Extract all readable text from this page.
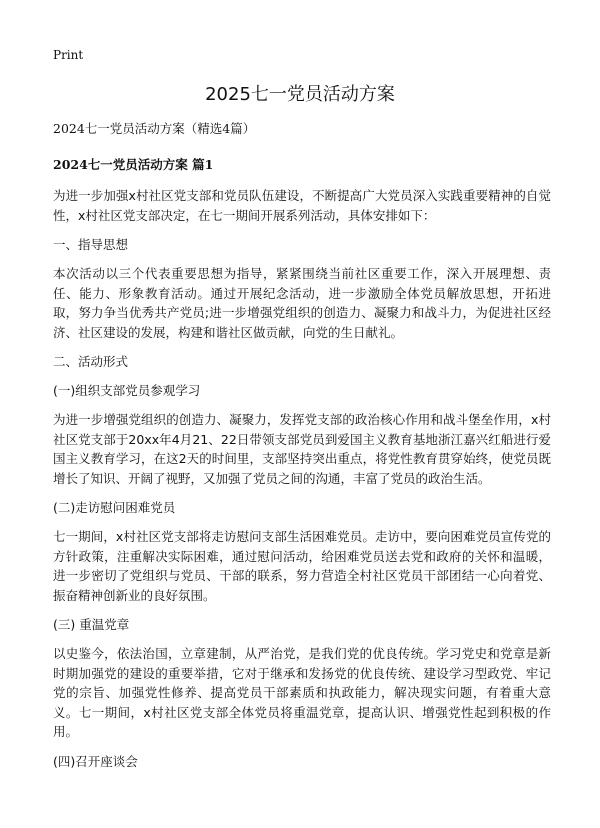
Print
2025七一党员活动方案

2024七一党员活动方案（精选4篇）

2024七一党员活动方案 篇1

为进一步加强x村社区党支部和党员队伍建设，不断提高广大党员深入实践重要精神的自觉性，x村社区党支部决定，在七一期间开展系列活动，具体安排如下：

一、指导思想

本次活动以三个代表重要思想为指导，紧紧围绕当前社区重要工作，深入开展理想、责任、能力、形象教育活动。通过开展纪念活动，进一步激励全体党员解放思想，开拓进取，努力争当优秀共产党员;进一步增强党组织的创造力、凝聚力和战斗力，为促进社区经济、社区建设的发展，构建和谐社区做贡献，向党的生日献礼。

二、活动形式

(一)组织支部党员参观学习

为进一步增强党组织的创造力、凝聚力，发挥党支部的政治核心作用和战斗堡垒作用，x村社区党支部于20xx年4月21、22日带领支部党员到爱国主义教育基地浙江嘉兴红船进行爱国主义教育学习，在这2天的时间里，支部坚持突出重点，将党性教育贯穿始终，使党员既增长了知识、开阔了视野，又加强了党员之间的沟通，丰富了党员的政治生活。

(二)走访慰问困难党员

七一期间，x村社区党支部将走访慰问支部生活困难党员。走访中，要向困难党员宣传党的方针政策，注重解决实际困难，通过慰问活动，给困难党员送去党和政府的关怀和温暖，进一步密切了党组织与党员、干部的联系，努力营造全村社区党员干部团结一心向着党、振奋精神创新业的良好氛围。

(三) 重温党章

以史鉴今，依法治国，立章建制，从严治党，是我们党的优良传统。学习党史和党章是新时期加强党的建设的重要举措，它对于继承和发扬党的优良传统、建设学习型政党、牢记党的宗旨、加强党性修养、提高党员干部素质和执政能力，解决现实问题，有着重大意义。七一期间，x村社区党支部全体党员将重温党章，提高认识、增强党性起到积极的作用。

(四)召开座谈会
